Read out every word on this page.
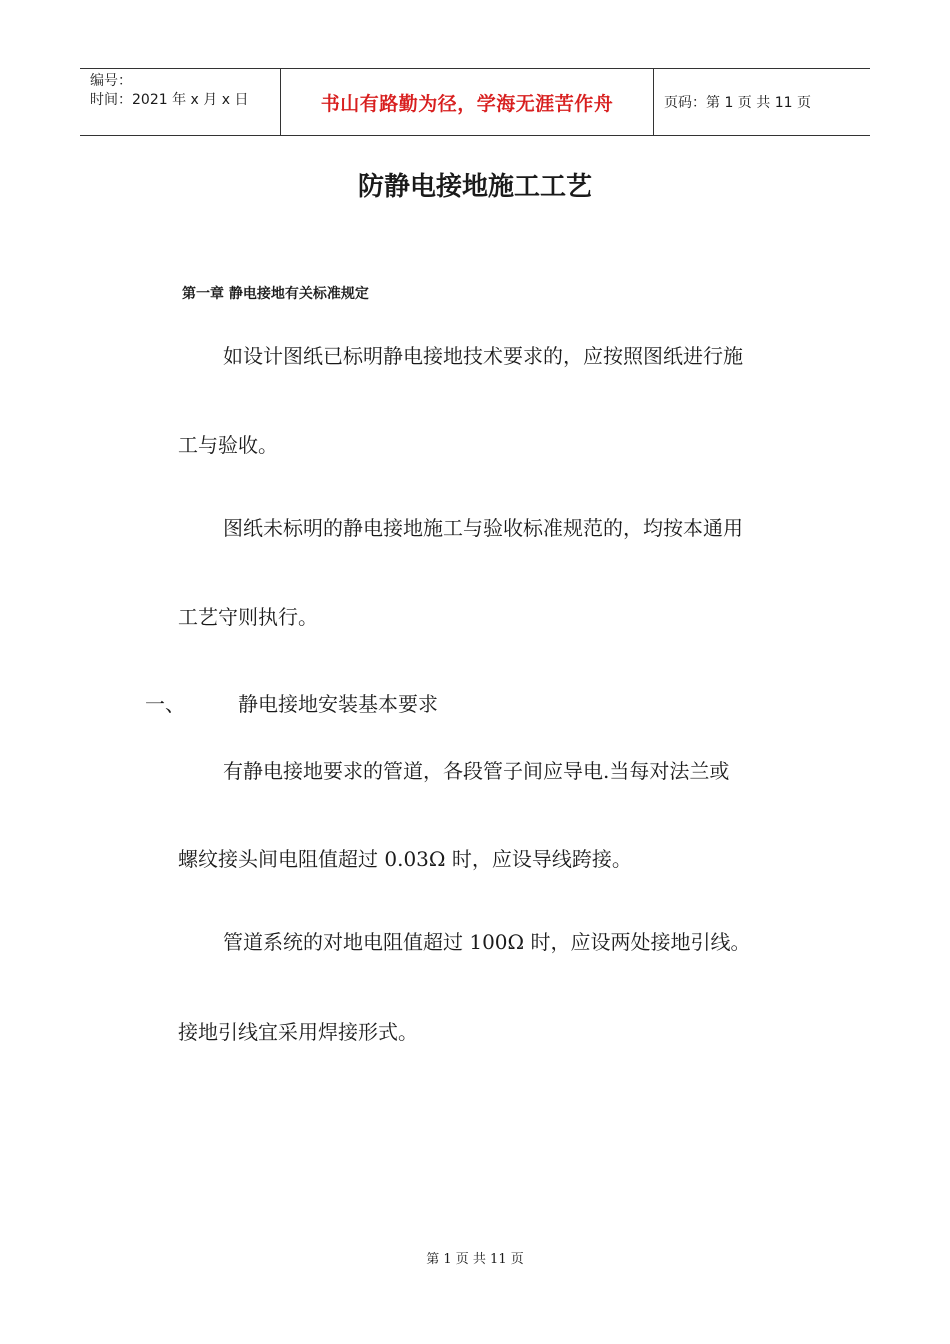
编号：
时间：2021 年 x 月 x 日	书山有路勤为径，学海无涯苦作舟	页码：第 1 页 共 11 页
防静电接地施工工艺
第一章 静电接地有关标准规定
如设计图纸已标明静电接地技术要求的，应按照图纸进行施
工与验收。
图纸未标明的静电接地施工与验收标准规范的，均按本通用
工艺守则执行。
一、	静电接地安装基本要求
有静电接地要求的管道，各段管子间应导电.当每对法兰或
螺纹接头间电阻值超过 0.03Ω 时，应设导线跨接。
管道系统的对地电阻值超过 100Ω 时，应设两处接地引线。
接地引线宜采用焊接形式。
第 1 页 共 11 页
